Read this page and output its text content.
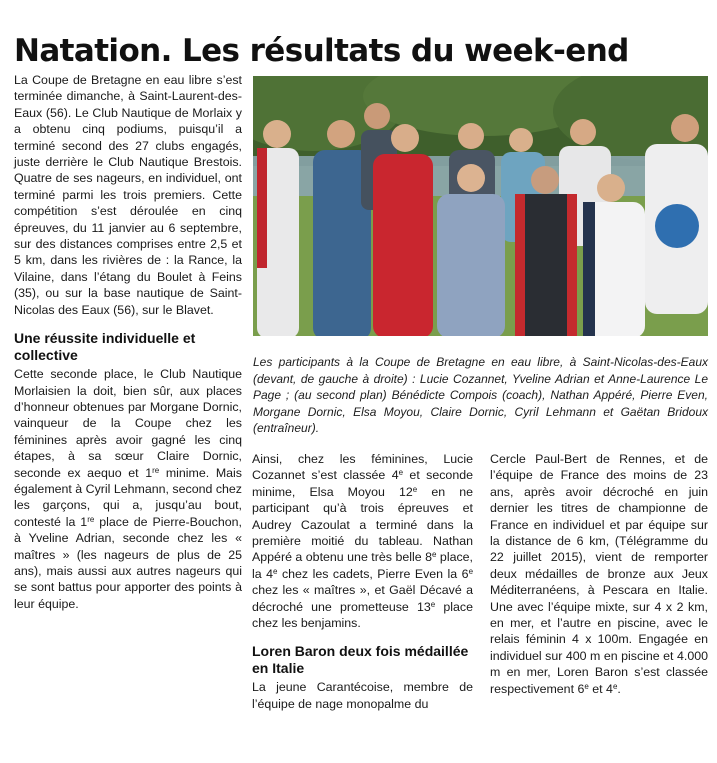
Natation. Les résultats du week-end

La Coupe de Bretagne en eau libre s’est terminée dimanche, à Saint-Laurent-des-Eaux (56). Le Club Nautique de Morlaix y a obtenu cinq podiums, puisqu’il a terminé second des 27 clubs engagés, juste derrière le Club Nautique Brestois. Quatre de ses nageurs, en individuel, ont terminé parmi les trois premiers. Cette compétition s’est déroulée en cinq épreuves, du 11 janvier au 6 septembre, sur des distances comprises entre 2,5 et 5 km, dans les rivières de : la Rance, la Vilaine, dans l’étang du Boulet à Feins (35), ou sur la base nautique de Saint-Nicolas des Eaux (56), sur le Blavet.

Une réussite individuelle et collective

Cette seconde place, le Club Nautique Morlaisien la doit, bien sûr, aux places d’honneur obtenues par Morgane Dornic, vainqueur de la Coupe chez les féminines après avoir gagné les cinq étapes, à sa sœur Claire Dornic, seconde ex aequo et 1re minime. Mais également à Cyril Lehmann, second chez les garçons, qui a, jusqu’au bout, contesté la 1re place de Pierre-Bouchon, à Yveline Adrian, seconde chez les « maîtres » (les nageurs de plus de 25 ans), mais aussi aux autres nageurs qui se sont battus pour apporter des points à leur équipe.

Les participants à la Coupe de Bretagne en eau libre, à Saint-Nicolas-des-Eaux (devant, de gauche à droite) : Lucie Cozannet, Yveline Adrian et Anne-Laurence Le Page ; (au second plan) Bénédicte Compois (coach), Nathan Appéré, Pierre Even, Morgane Dornic, Elsa Moyou, Claire Dornic, Cyril Lehmann et Gaëtan Bridoux (entraîneur).

Ainsi, chez les féminines, Lucie Cozannet s’est classée 4e et seconde minime, Elsa Moyou 12e en ne participant qu’à trois épreuves et Audrey Cazoulat a terminé dans la première moitié du tableau. Nathan Appéré a obtenu une très belle 8e place, la 4e chez les cadets, Pierre Even la 6e chez les « maîtres », et Gaël Décavé a décroché une prometteuse 13e place chez les benjamins.

Loren Baron deux fois médaillée en Italie

La jeune Carantécoise, membre de l’équipe de nage monopalme du

Cercle Paul-Bert de Rennes, et de l’équipe de France des moins de 23 ans, après avoir décroché en juin dernier les titres de championne de France en individuel et par équipe sur la distance de 6 km, (Télégramme du 22 juillet 2015), vient de remporter deux médailles de bronze aux Jeux Méditerranéens, à Pescara en Italie. Une avec l’équipe mixte, sur 4 x 2 km, en mer, et l’autre en piscine, avec le relais féminin 4 x 100m. Engagée en individuel sur 400 m en piscine et 4.000 m en mer, Loren Baron s’est classée respectivement 6e et 4e.
